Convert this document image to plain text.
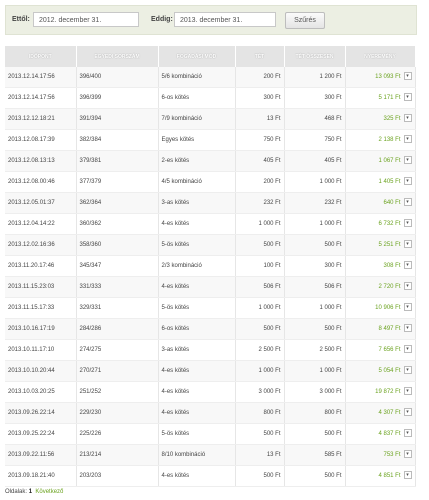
Ettől:	2012. december 31.	Eddig:	2013. december 31.	Szűrés
IDŐPONT	EGYEDI SORSZÁM	FOGADÁSI MÓD	TÉT	TÉT ÖSSZESEN	NYEREMÉNY
2013.12.14.17:56	396/400	5/6 kombináció	200 Ft	1 200 Ft	13 093 Ft ▾

2013.12.14.17:56	396/399	6-os kötés	300 Ft	300 Ft	5 171 Ft ▾

2013.12.12.18:21	391/394	7/9 kombináció	13 Ft	468 Ft	325 Ft ▾

2013.12.08.17:39	382/384	Egyes kötés	750 Ft	750 Ft	2 138 Ft ▾

2013.12.08.13:13	379/381	2-es kötés	405 Ft	405 Ft	1 067 Ft ▾

2013.12.08.00:46	377/379	4/5 kombináció	200 Ft	1 000 Ft	1 405 Ft ▾

2013.12.05.01:37	362/364	3-as kötés	232 Ft	232 Ft	640 Ft ▾

2013.12.04.14:22	360/362	4-es kötés	1 000 Ft	1 000 Ft	6 732 Ft ▾

2013.12.02.16:36	358/360	5-ös kötés	500 Ft	500 Ft	5 251 Ft ▾

2013.11.20.17:46	345/347	2/3 kombináció	100 Ft	300 Ft	308 Ft ▾

2013.11.15.23:03	331/333	4-es kötés	506 Ft	506 Ft	2 720 Ft ▾

2013.11.15.17:33	329/331	5-ös kötés	1 000 Ft	1 000 Ft	10 906 Ft ▾

2013.10.16.17:19	284/286	6-os kötés	500 Ft	500 Ft	8 497 Ft ▾

2013.10.11.17:10	274/275	3-as kötés	2 500 Ft	2 500 Ft	7 656 Ft ▾

2013.10.10.20:44	270/271	4-es kötés	1 000 Ft	1 000 Ft	5 054 Ft ▾

2013.10.03.20:25	251/252	4-es kötés	3 000 Ft	3 000 Ft	19 872 Ft ▾

2013.09.26.22:14	229/230	4-es kötés	800 Ft	800 Ft	4 307 Ft ▾

2013.09.25.22:24	225/226	5-ös kötés	500 Ft	500 Ft	4 837 Ft ▾

2013.09.22.11:56	213/214	8/10 kombináció	13 Ft	585 Ft	753 Ft ▾

2013.09.18.21:40	203/203	4-es kötés	500 Ft	500 Ft	4 851 Ft ▾
Oldalak: 1 Következő
